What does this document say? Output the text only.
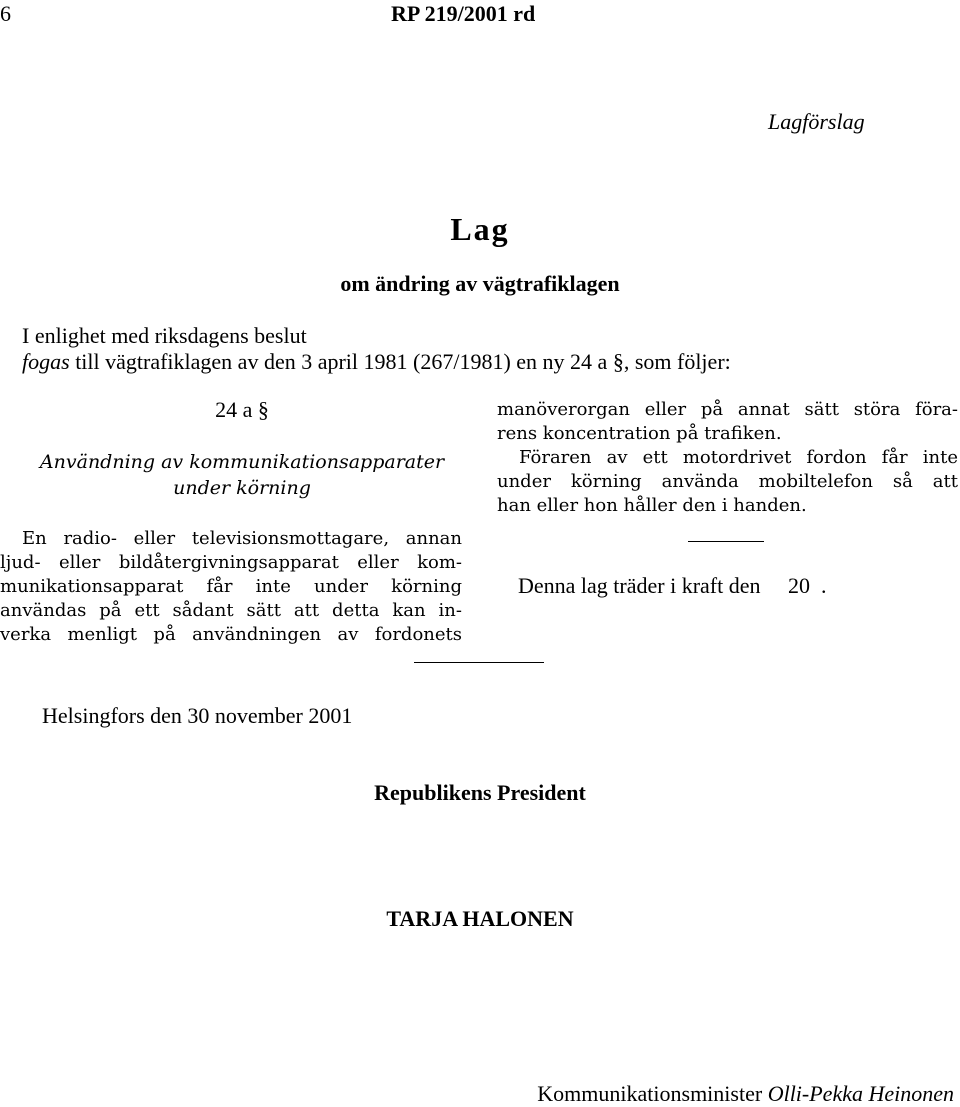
6	RP 219/2001 rd
Lagförslag
Lag
om ändring av vägtrafiklagen
I enlighet med riksdagens beslut
fogas till vägtrafiklagen av den 3 april 1981 (267/1981) en ny 24 a §, som följer:
24 a §
Användning av kommunikationsapparater
under körning
En radio- eller televisionsmottagare, annan
ljud- eller bildåtergivningsapparat eller kom-
munikationsapparat får inte under körning
användas på ett sådant sätt att detta kan in-
verka menligt på användningen av fordonets
manöverorgan eller på annat sätt störa föra-
rens koncentration på trafiken.
Föraren av ett motordrivet fordon får inte
under körning använda mobiltelefon så att
han eller hon håller den i handen.
Denna lag träder i kraft den     20  .
Helsingfors den 30 november 2001
Republikens President
TARJA HALONEN
Kommunikationsminister Olli-Pekka Heinonen
